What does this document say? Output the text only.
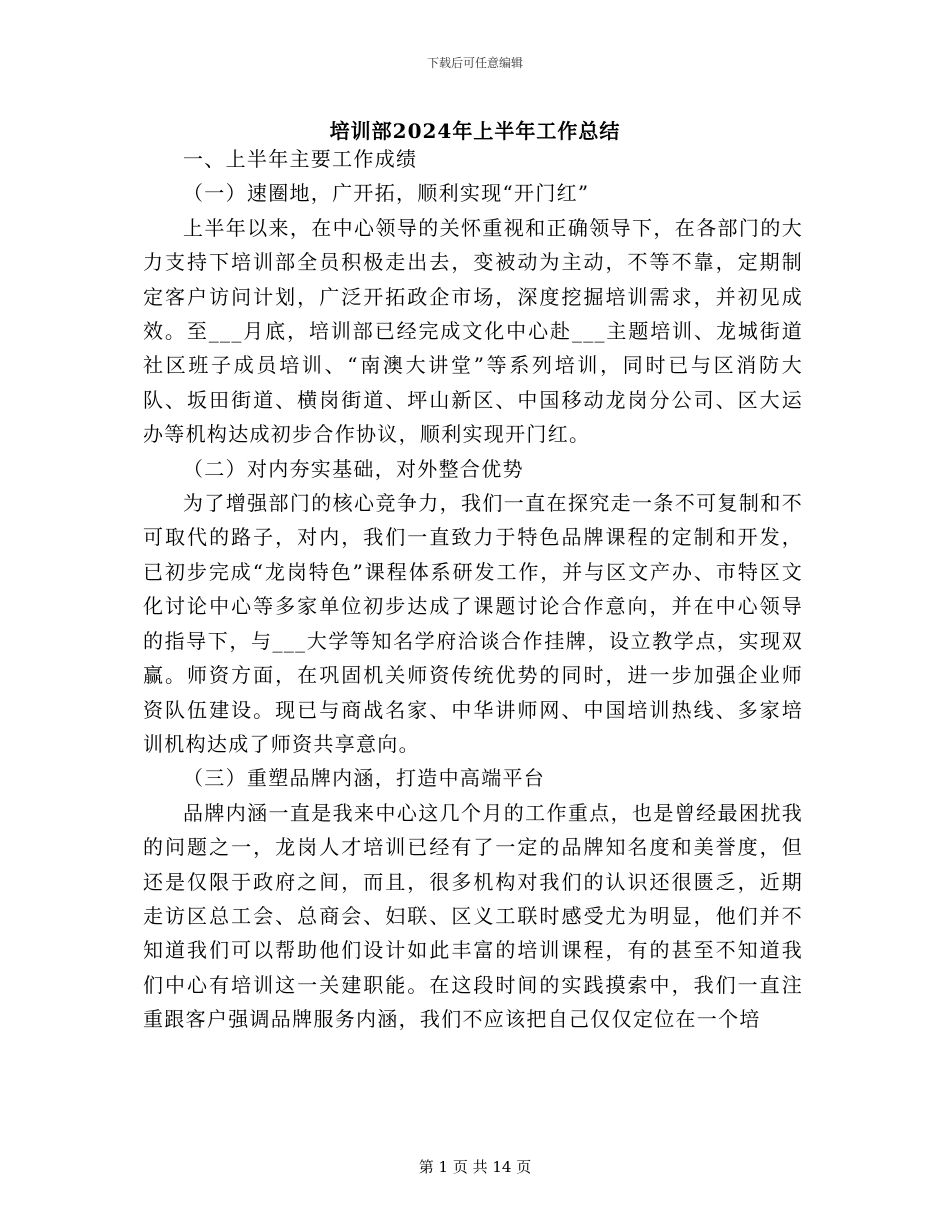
下载后可任意编辑
培训部2024年上半年工作总结

一、上半年主要工作成绩

（一）速圈地，广开拓，顺利实现“开门红”

上半年以来，在中心领导的关怀重视和正确领导下，在各部门的大力支持下培训部全员积极走出去，变被动为主动，不等不靠，定期制定客户访问计划，广泛开拓政企市场，深度挖掘培训需求，并初见成效。至___月底，培训部已经完成文化中心赴___主题培训、龙城街道社区班子成员培训、“南澳大讲堂”等系列培训，同时已与区消防大队、坂田街道、横岗街道、坪山新区、中国移动龙岗分公司、区大运办等机构达成初步合作协议，顺利实现开门红。

（二）对内夯实基础，对外整合优势

为了增强部门的核心竞争力，我们一直在探究走一条不可复制和不可取代的路子，对内，我们一直致力于特色品牌课程的定制和开发，已初步完成“龙岗特色”课程体系研发工作，并与区文产办、市特区文化讨论中心等多家单位初步达成了课题讨论合作意向，并在中心领导的指导下，与___大学等知名学府洽谈合作挂牌，设立教学点，实现双赢。师资方面，在巩固机关师资传统优势的同时，进一步加强企业师资队伍建设。现已与商战名家、中华讲师网、中国培训热线、多家培训机构达成了师资共享意向。

（三）重塑品牌内涵，打造中高端平台

品牌内涵一直是我来中心这几个月的工作重点，也是曾经最困扰我的问题之一，龙岗人才培训已经有了一定的品牌知名度和美誉度，但还是仅限于政府之间，而且，很多机构对我们的认识还很匮乏，近期走访区总工会、总商会、妇联、区义工联时感受尤为明显，他们并不知道我们可以帮助他们设计如此丰富的培训课程，有的甚至不知道我们中心有培训这一关建职能。在这段时间的实践摸索中，我们一直注重跟客户强调品牌服务内涵，我们不应该把自己仅仅定位在一个培

第 1 页 共 14 页
